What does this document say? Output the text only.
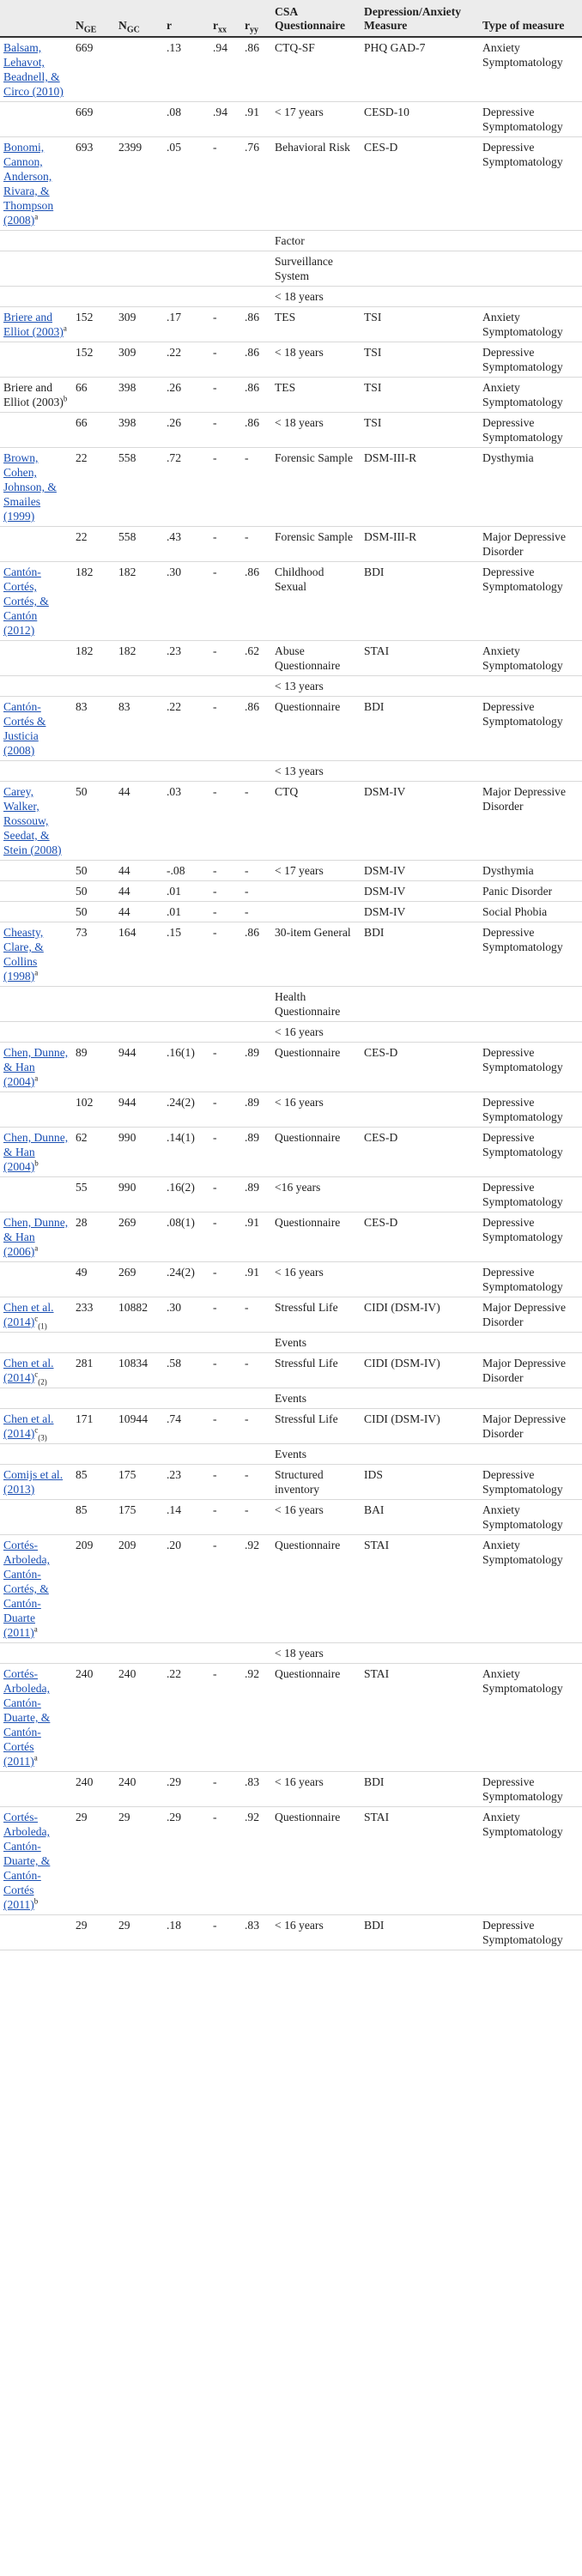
	$N_{GE}$	$N_{GC}$	r	$r_{xx}$	$r_{yy}$	CSA Questionnaire	Depression/Anxiety Measure	Type of measure
Balsam, Lehavot, Beadnell, & Circo (2010)	669		.13	.94	.86	CTQ-SF	PHQ GAD-7	Anxiety Symptomatology
	669		.08	.94	.91	< 17 years	CESD-10	Depressive Symptomatology
Bonomi, Cannon, Anderson, Rivara, & Thompson $(2008)^a$	693	2399	.05	-	.76	Behavioral Risk	CES-D	Depressive Symptomatology
						Factor		
						Surveillance System		
						< 18 years		
Briere and Elliot $(2003)^a$	152	309	.17	-	.86	TES	TSI	Anxiety Symptomatology
	152	309	.22	-	.86	< 18 years	TSI	Depressive Symptomatology
Briere and Elliot $(2003)^b$	66	398	.26	-	.86	TES	TSI	Anxiety Symptomatology
	66	398	.26	-	.86	< 18 years	TSI	Depressive Symptomatology
Brown, Cohen, Johnson, & Smailes (1999)	22	558	.72	-	-	Forensic Sample	DSM-III-R	Dysthymia
	22	558	.43	-	-	Forensic Sample	DSM-III-R	Major Depressive Disorder
Cantón-Cortés, Cortés, & Cantón (2012)	182	182	.30	-	.86	Childhood Sexual	BDI	Depressive Symptomatology
	182	182	.23	-	.62	Abuse Questionnaire	STAI	Anxiety Symptomatology
						< 13 years		
Cantón-Cortés & Justicia (2008)	83	83	.22	-	.86	Questionnaire	BDI	Depressive Symptomatology
						< 13 years		
Carey, Walker, Rossouw, Seedat, & Stein (2008)	50	44	.03	-	-	CTQ	DSM-IV	Major Depressive Disorder
	50	44	-.08	-	-	< 17 years	DSM-IV	Dysthymia
	50	44	.01	-	-		DSM-IV	Panic Disorder
	50	44	.01	-	-		DSM-IV	Social Phobia
Cheasty, Clare, & Collins $(1998)^a$	73	164	.15	-	.86	30-item General	BDI	Depressive Symptomatology
						Health Questionnaire		
						< 16 years		
Chen, Dunne, & Han $(2004)^a$	89	944	.16(1)	-	.89	Questionnaire	CES-D	Depressive Symptomatology
	102	944	.24(2)	-	.89	< 16 years		Depressive Symptomatology
Chen, Dunne, & Han $(2004)^b$	62	990	.14(1)	-	.89	Questionnaire	CES-D	Depressive Symptomatology
	55	990	.16(2)	-	.89	<16 years		Depressive Symptomatology
Chen, Dunne, & Han $(2006)^a$	28	269	.08(1)	-	.91	Questionnaire	CES-D	Depressive Symptomatology
	49	269	.24(2)	-	.91	< 16 years		Depressive Symptomatology
Chen et al. $(2014)^c_{(1)}$	233	10882	.30	-	-	Stressful Life	CIDI (DSM-IV)	Major Depressive Disorder
						Events		
Chen et al. $(2014)^c_{(2)}$	281	10834	.58	-	-	Stressful Life	CIDI (DSM-IV)	Major Depressive Disorder
						Events		
Chen et al. $(2014)^c_{(3)}$	171	10944	.74	-	-	Stressful Life	CIDI (DSM-IV)	Major Depressive Disorder
						Events		
Comijs et al. (2013)	85	175	.23	-	-	Structured inventory	IDS	Depressive Symptomatology
	85	175	.14	-	-	< 16 years	BAI	Anxiety Symptomatology
Cortés-Arboleda, Cantón-Cortés, & Cantón-Duarte $(2011)^a$	209	209	.20	-	.92	Questionnaire	STAI	Anxiety Symptomatology
						< 18 years		
Cortés-Arboleda, Cantón-Duarte, & Cantón-Cortés $(2011)^a$	240	240	.22	-	.92	Questionnaire	STAI	Anxiety Symptomatology
	240	240	.29	-	.83	< 16 years	BDI	Depressive Symptomatology
Cortés-Arboleda, Cantón-Duarte, & Cantón-Cortés $(2011)^b$	29	29	.29	-	.92	Questionnaire	STAI	Anxiety Symptomatology
	29	29	.18	-	.83	< 16 years	BDI	Depressive Symptomatology
